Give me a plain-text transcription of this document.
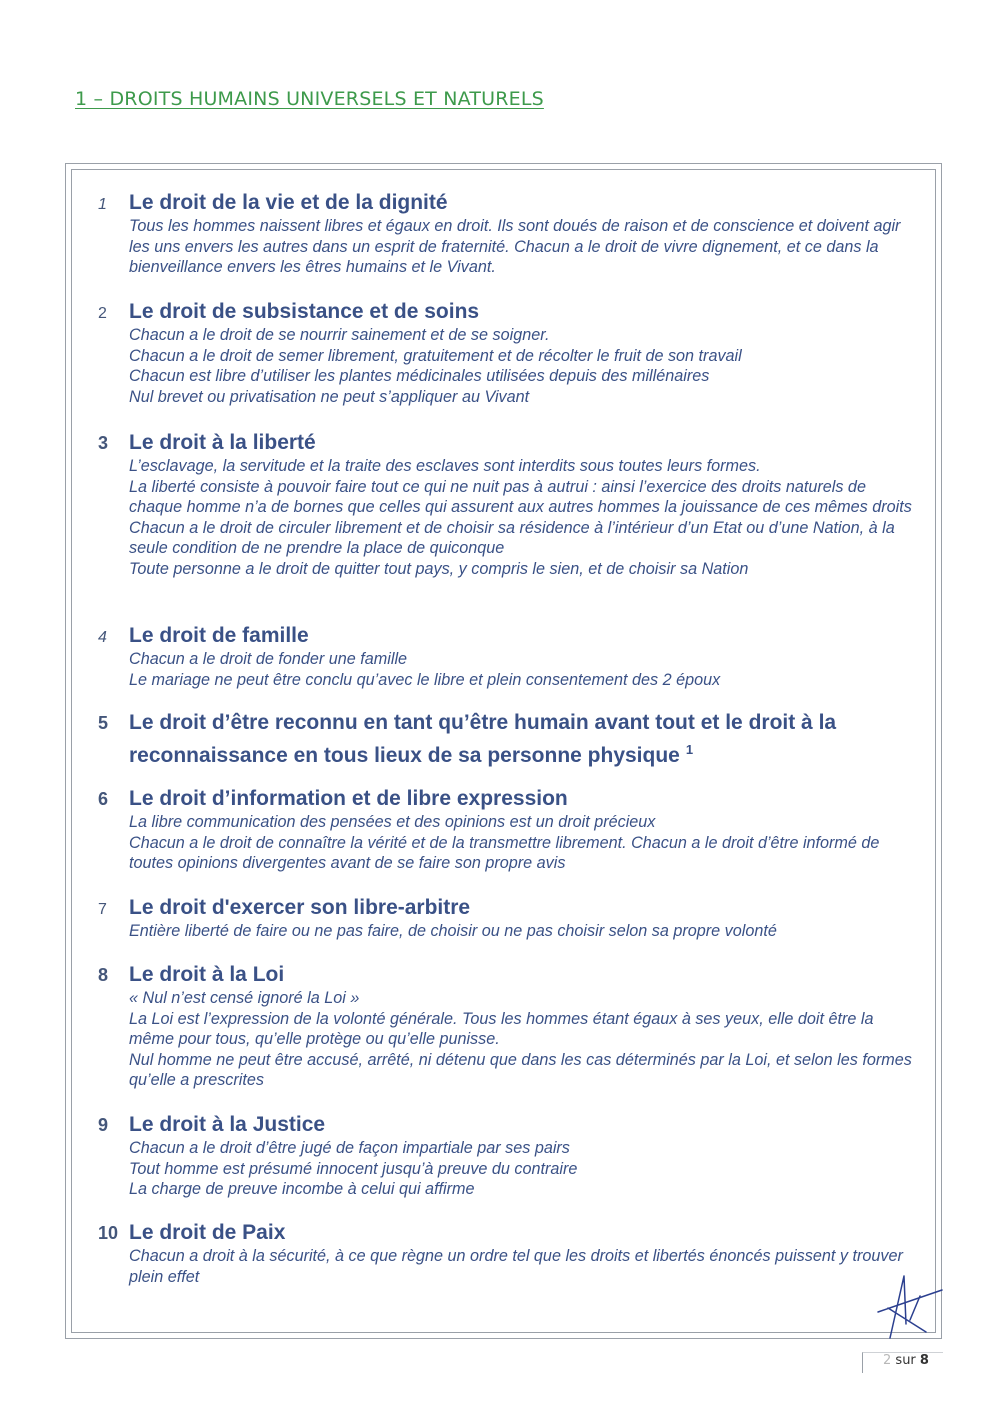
1 – DROITS HUMAINS UNIVERSELS ET NATURELS
1	Le droit de la vie et de la dignité
Tous les hommes naissent libres et égaux en droit. Ils sont doués de raison et de conscience et doivent agir les uns envers les autres dans un esprit de fraternité. Chacun a le droit de vivre dignement, et ce dans la bienveillance envers les êtres humains et le Vivant.
2	Le droit de subsistance et de soins
Chacun a le droit de se nourrir sainement et de se soigner.
Chacun a le droit de semer librement, gratuitement et de récolter le fruit de son travail
Chacun est libre d’utiliser les plantes médicinales utilisées depuis des millénaires
Nul brevet ou privatisation ne peut s’appliquer au Vivant
3 Le droit à la liberté
L’esclavage, la servitude et la traite des esclaves sont interdits sous toutes leurs formes.
La liberté consiste à pouvoir faire tout ce qui ne nuit pas à autrui : ainsi l’exercice des droits naturels de chaque homme n’a de bornes que celles qui assurent aux autres hommes la jouissance de ces mêmes droits
Chacun a le droit de circuler librement et de choisir sa résidence à l’intérieur d’un Etat ou d’une Nation, à la seule condition de ne prendre la place de quiconque
Toute personne a le droit de quitter tout pays, y compris le sien, et de choisir sa Nation
4	Le droit de famille
Chacun a le droit de fonder une famille
Le mariage ne peut être conclu qu’avec le libre et plein consentement des 2 époux
5 Le droit d’être reconnu en tant qu’être humain avant tout et le droit à la reconnaissance en tous lieux de sa personne physique $^1$
6 Le droit d’information et de libre expression
La libre communication des pensées et des opinions est un droit précieux
Chacun a le droit de connaître la vérité et de la transmettre librement. Chacun a le droit d’être informé de toutes opinions divergentes avant de se faire son propre avis
7	Le droit d'exercer son libre-arbitre
Entière liberté de faire ou ne pas faire, de choisir ou ne pas choisir selon sa propre volonté
8 Le droit à la Loi
« Nul n’est censé ignoré la Loi »
La Loi est l’expression de la volonté générale. Tous les hommes étant égaux à ses yeux, elle doit être la même pour tous, qu’elle protège ou qu’elle punisse.
Nul homme ne peut être accusé, arrêté, ni détenu que dans les cas déterminés par la Loi, et selon les formes qu’elle a prescrites
9 Le droit à la Justice
Chacun a le droit d’être jugé de façon impartiale par ses pairs
Tout homme est présumé innocent jusqu’à preuve du contraire
La charge de preuve incombe à celui qui affirme
10 Le droit de Paix
Chacun a droit à la sécurité, à ce que règne un ordre tel que les droits et libertés énoncés puissent y trouver plein effet
2 sur 8
